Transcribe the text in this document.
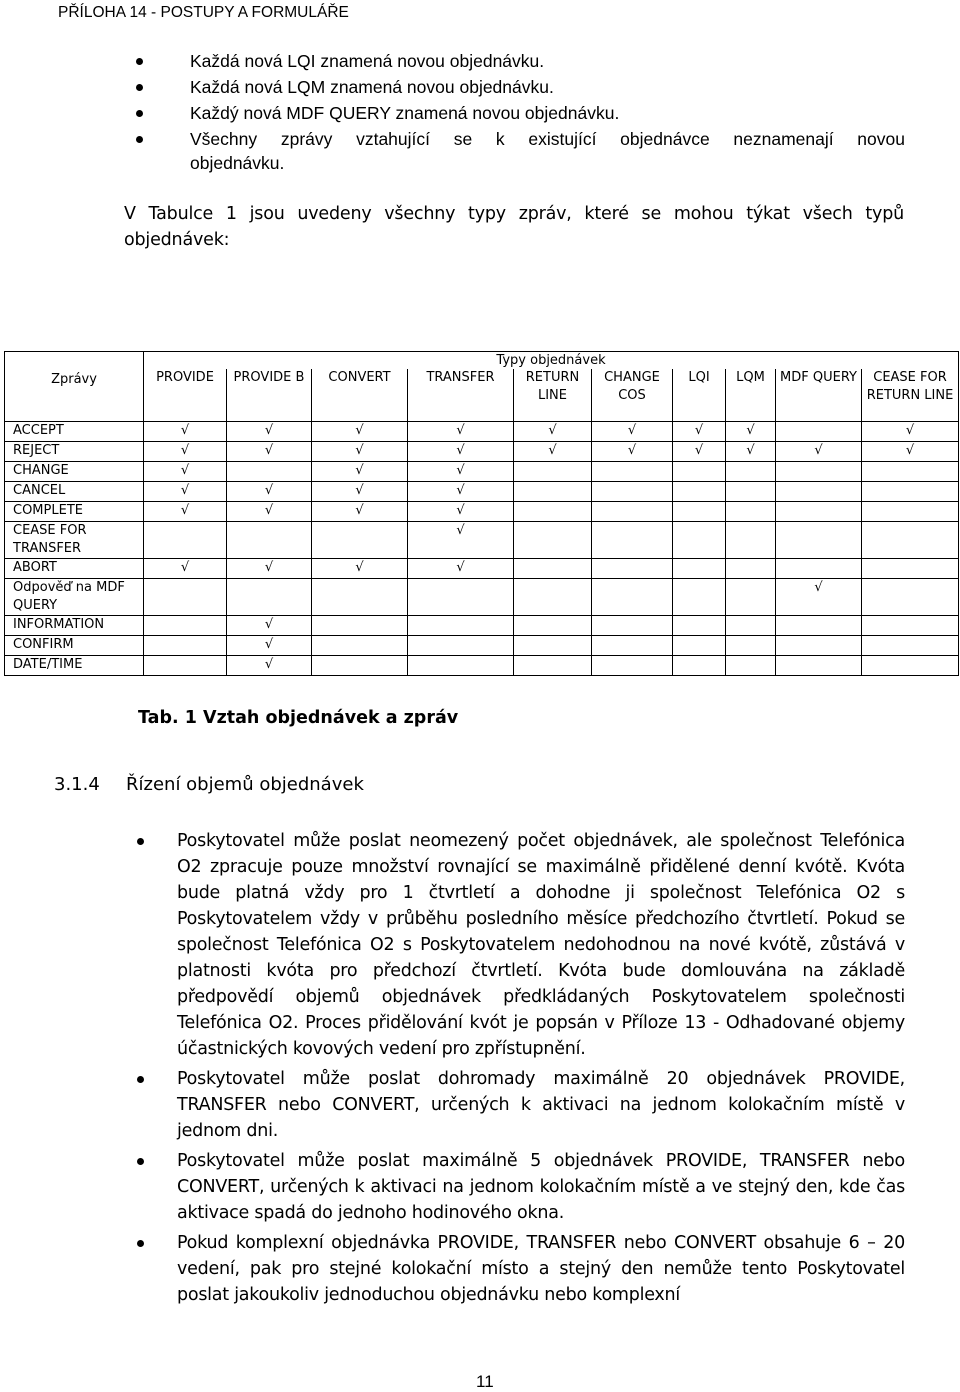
PŘÍLOHA 14 - POSTUPY A FORMULÁŘE
Každá nová LQI znamená novou objednávku.
Každá nová LQM znamená novou objednávku.
Každý nová MDF QUERY znamená novou objednávku.
Všechny zprávy vztahující se k existující objednávce neznamenají novou objednávku.
V Tabulce 1 jsou uvedeny všechny typy zpráv, které se mohou týkat všech typů objednávek:
Zprávy	Typy objednávek									
	PROVIDE	PROVIDE B	CONVERT	TRANSFER	RETURN LINE	CHANGE COS	LQI	LQM	MDF QUERY	CEASE FOR RETURN LINE
ACCEPT	√	√	√	√	√	√	√	√		√
REJECT	√	√	√	√	√	√	√	√	√	√
CHANGE	√		√	√						
CANCEL	√	√	√	√						
COMPLETE	√	√	√	√						
CEASE FOR TRANSFER				√						
ABORT	√	√	√	√						
Odpověď na MDF QUERY									√	
INFORMATION		√								
CONFIRM		√								
DATE/TIME		√								
Tab. 1 Vztah objednávek a zpráv
3.1.4 Řízení objemů objednávek
Poskytovatel může poslat neomezený počet objednávek, ale společnost Telefónica O2 zpracuje pouze množství rovnající se maximálně přidělené denní kvótě. Kvóta bude platná vždy pro 1 čtvrtletí a dohodne ji společnost Telefónica O2 s Poskytovatelem vždy v průběhu posledního měsíce předchozího čtvrtletí. Pokud se společnost Telefónica O2 s Poskytovatelem nedohodnou na nové kvótě, zůstává v platnosti kvóta pro předchozí čtvrtletí. Kvóta bude domlouvána na základě předpovědí objemů objednávek předkládaných Poskytovatelem společnosti Telefónica O2. Proces přidělování kvót je popsán v Příloze 13 - Odhadované objemy účastnických kovových vedení pro zpřístupnění.
Poskytovatel může poslat dohromady maximálně 20 objednávek PROVIDE, TRANSFER nebo CONVERT, určených k aktivaci na jednom kolokačním místě v jednom dni.
Poskytovatel může poslat maximálně 5 objednávek PROVIDE, TRANSFER nebo CONVERT, určených k aktivaci na jednom kolokačním místě a ve stejný den, kde čas aktivace spadá do jednoho hodinového okna.
Pokud komplexní objednávka PROVIDE, TRANSFER nebo CONVERT obsahuje 6 – 20 vedení, pak pro stejné kolokační místo a stejný den nemůže tento Poskytovatel poslat jakoukoliv jednoduchou objednávku nebo komplexní
11
